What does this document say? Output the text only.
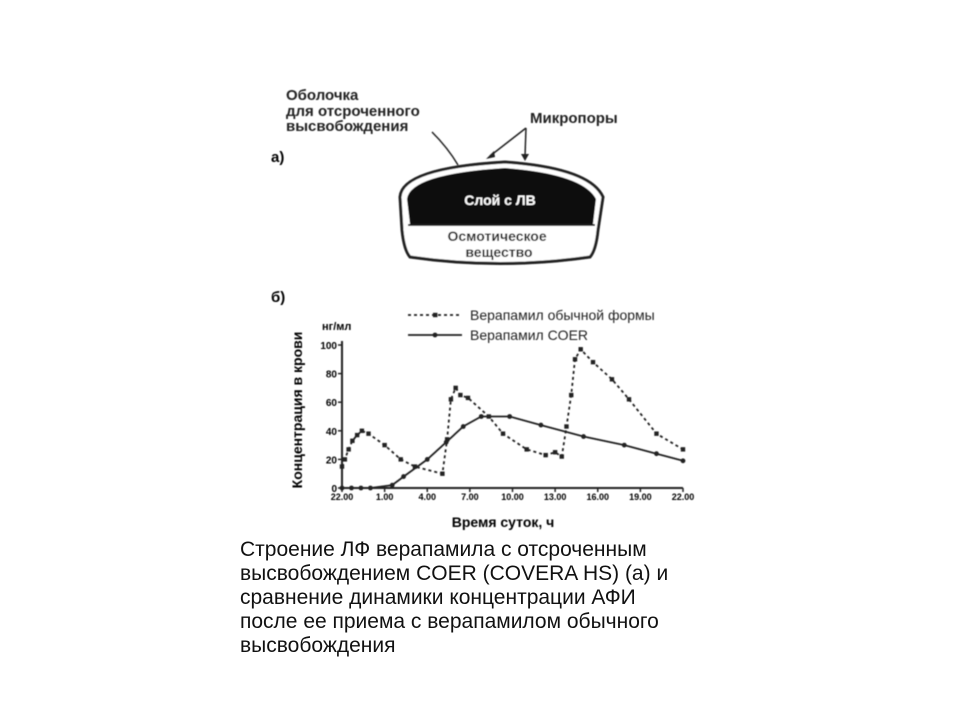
а)
Оболочка для отсроченного высвобождения	Микропоры
Слой с ЛВ
Осмотическое вещество
б)
Концентрация в крови
нг/мл
Время суток, ч
0
20
40
60
80
100
22.00	1.00	4.00	7.00	10.00 13.00 16.00 19.00 22.00
Верапамил обычной формы
Верапамил COER
Строение ЛФ верапамила с отсроченным
высвобождением COER (COVERA HS) (а) и
сравнение динамики концентрации АФИ
после ее приема с верапамилом обычного
высвобождения
